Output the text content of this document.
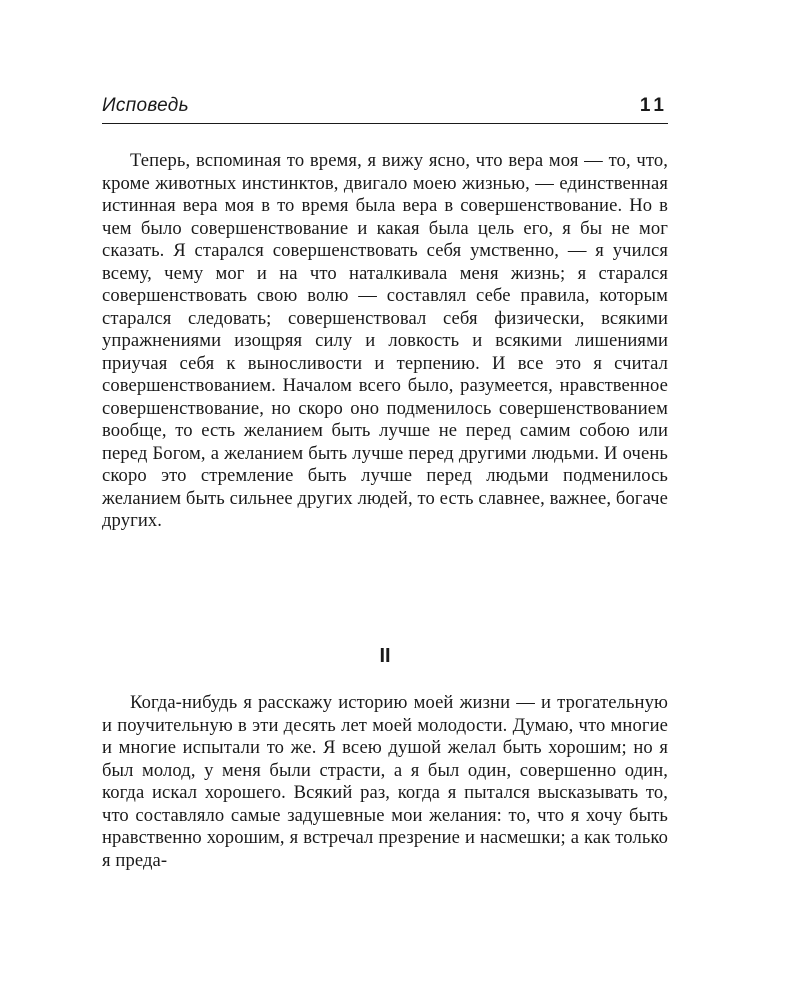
Исповедь	11

Теперь, вспоминая то время, я вижу ясно, что вера моя — то, что, кроме животных инстинктов, двигало моею жизнью, — единственная истинная вера моя в то время была вера в совершенствование. Но в чем было совершенствование и какая была цель его, я бы не мог сказать. Я старался совершенствовать себя умственно, — я учился всему, чему мог и на что наталкивала меня жизнь; я старался совершенствовать свою волю — составлял себе правила, которым старался следовать; совершенствовал себя физически, всякими упражнениями изощряя силу и ловкость и всякими лишениями приучая себя к выносливости и терпению. И все это я считал совершенствованием. Началом всего было, разумеется, нравственное совершенствование, но скоро оно подменилось совершенствованием вообще, то есть желанием быть лучше не перед самим собою или перед Богом, а желанием быть лучше перед другими людьми. И очень скоро это стремление быть лучше перед людьми подменилось желанием быть сильнее других людей, то есть славнее, важнее, богаче других.

II

Когда-нибудь я расскажу историю моей жизни — и трогательную и поучительную в эти десять лет моей молодости. Думаю, что многие и многие испытали то же. Я всею душой желал быть хорошим; но я был молод, у меня были страсти, а я был один, совершенно один, когда искал хорошего. Всякий раз, когда я пытался высказывать то, что составляло самые задушевные мои желания: то, что я хочу быть нравственно хорошим, я встречал презрение и насмешки; а как только я преда-
